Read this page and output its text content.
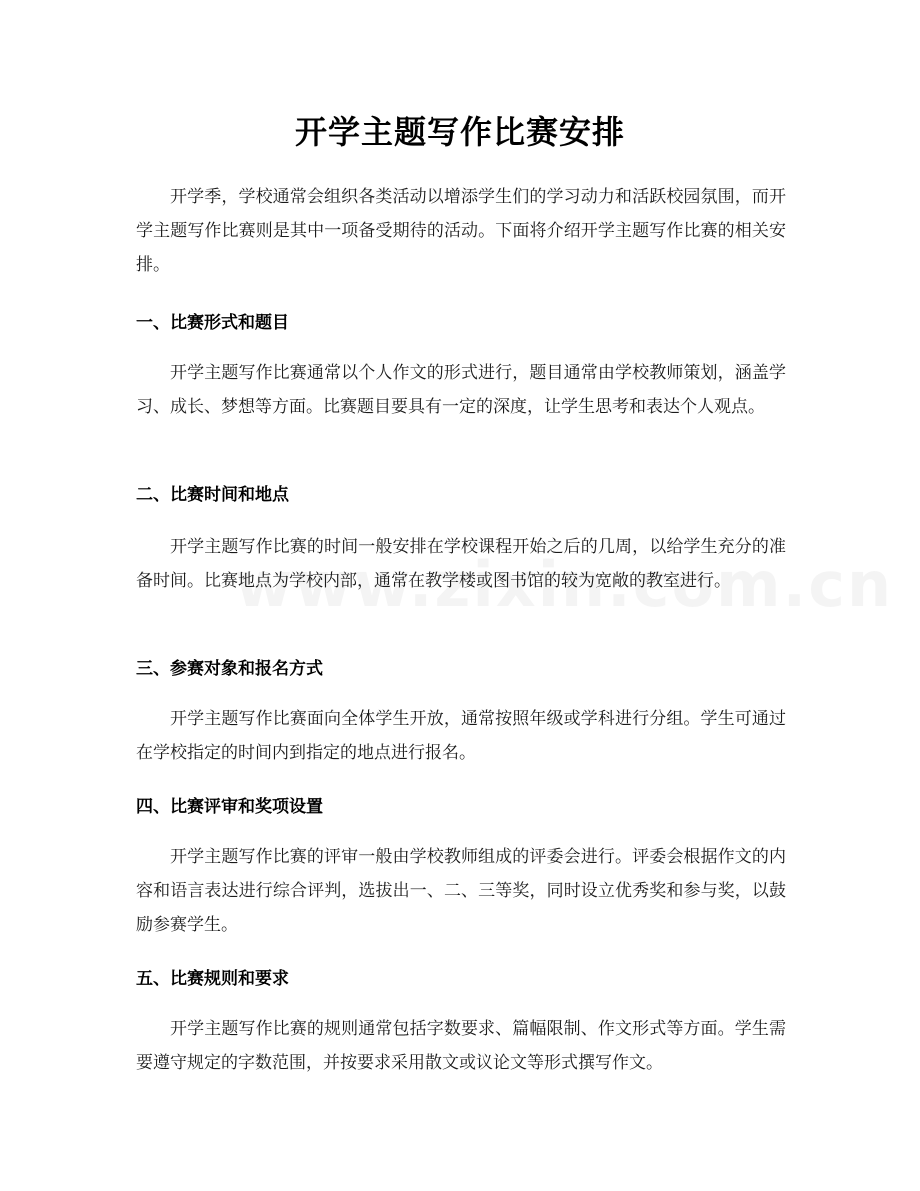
开学主题写作比赛安排

开学季，学校通常会组织各类活动以增添学生们的学习动力和活跃校园氛围，而开学主题写作比赛则是其中一项备受期待的活动。下面将介绍开学主题写作比赛的相关安排。

一、比赛形式和题目

开学主题写作比赛通常以个人作文的形式进行，题目通常由学校教师策划，涵盖学习、成长、梦想等方面。比赛题目要具有一定的深度，让学生思考和表达个人观点。

二、比赛时间和地点

开学主题写作比赛的时间一般安排在学校课程开始之后的几周，以给学生充分的准备时间。比赛地点为学校内部，通常在教学楼或图书馆的较为宽敞的教室进行。

三、参赛对象和报名方式

开学主题写作比赛面向全体学生开放，通常按照年级或学科进行分组。学生可通过在学校指定的时间内到指定的地点进行报名。

四、比赛评审和奖项设置

开学主题写作比赛的评审一般由学校教师组成的评委会进行。评委会根据作文的内容和语言表达进行综合评判，选拔出一、二、三等奖，同时设立优秀奖和参与奖，以鼓励参赛学生。

五、比赛规则和要求

开学主题写作比赛的规则通常包括字数要求、篇幅限制、作文形式等方面。学生需要遵守规定的字数范围，并按要求采用散文或议论文等形式撰写作文。
